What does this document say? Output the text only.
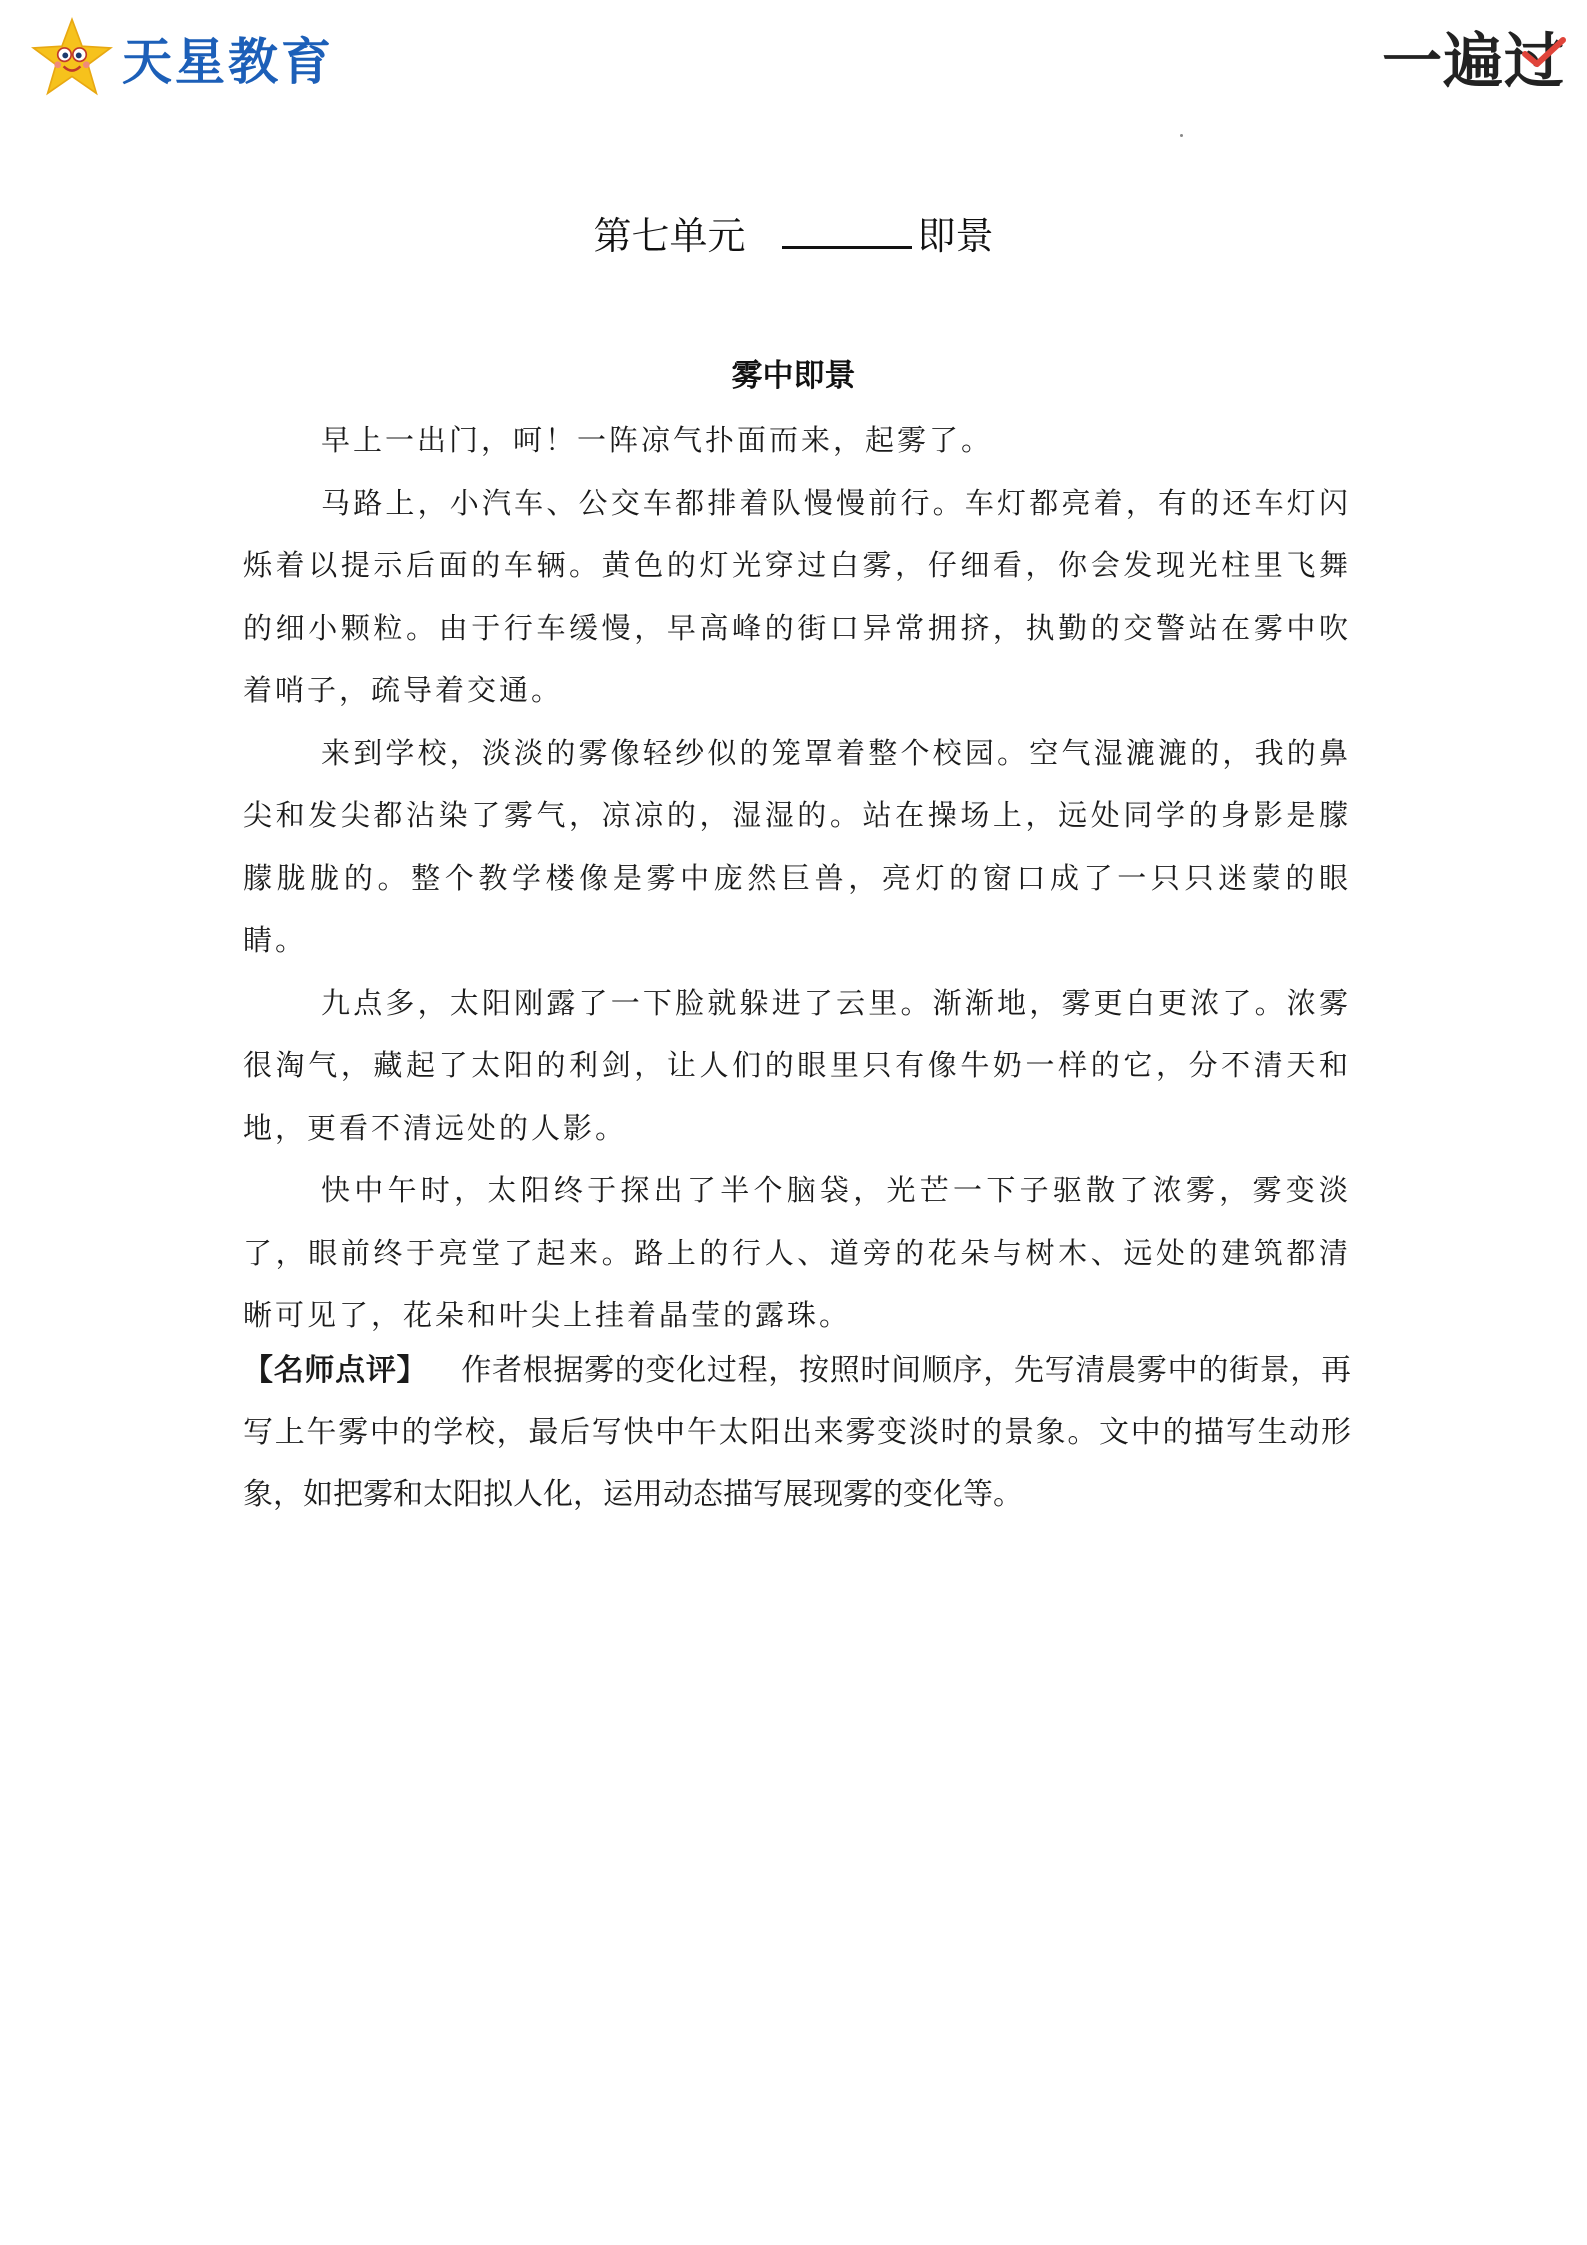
天星教育	一遍过
第七单元	即景
雾中即景

早上一出门，呵！一阵凉气扑面而来，起雾了。

马路上，小汽车、公交车都排着队慢慢前行。车灯都亮着，有的还车灯闪烁着以提示后面的车辆。黄色的灯光穿过白雾，仔细看，你会发现光柱里飞舞的细小颗粒。由于行车缓慢，早高峰的街口异常拥挤，执勤的交警站在雾中吹着哨子，疏导着交通。

来到学校，淡淡的雾像轻纱似的笼罩着整个校园。空气湿漉漉的，我的鼻尖和发尖都沾染了雾气，凉凉的，湿湿的。站在操场上，远处同学的身影是朦朦胧胧的。整个教学楼像是雾中庞然巨兽，亮灯的窗口成了一只只迷蒙的眼睛。

九点多，太阳刚露了一下脸就躲进了云里。渐渐地，雾更白更浓了。浓雾很淘气，藏起了太阳的利剑，让人们的眼里只有像牛奶一样的它，分不清天和地，更看不清远处的人影。

快中午时，太阳终于探出了半个脑袋，光芒一下子驱散了浓雾，雾变淡了，眼前终于亮堂了起来。路上的行人、道旁的花朵与树木、远处的建筑都清晰可见了，花朵和叶尖上挂着晶莹的露珠。

【名师点评】 作者根据雾的变化过程，按照时间顺序，先写清晨雾中的街景，再写上午雾中的学校，最后写快中午太阳出来雾变淡时的景象。文中的描写生动形象，如把雾和太阳拟人化，运用动态描写展现雾的变化等。
